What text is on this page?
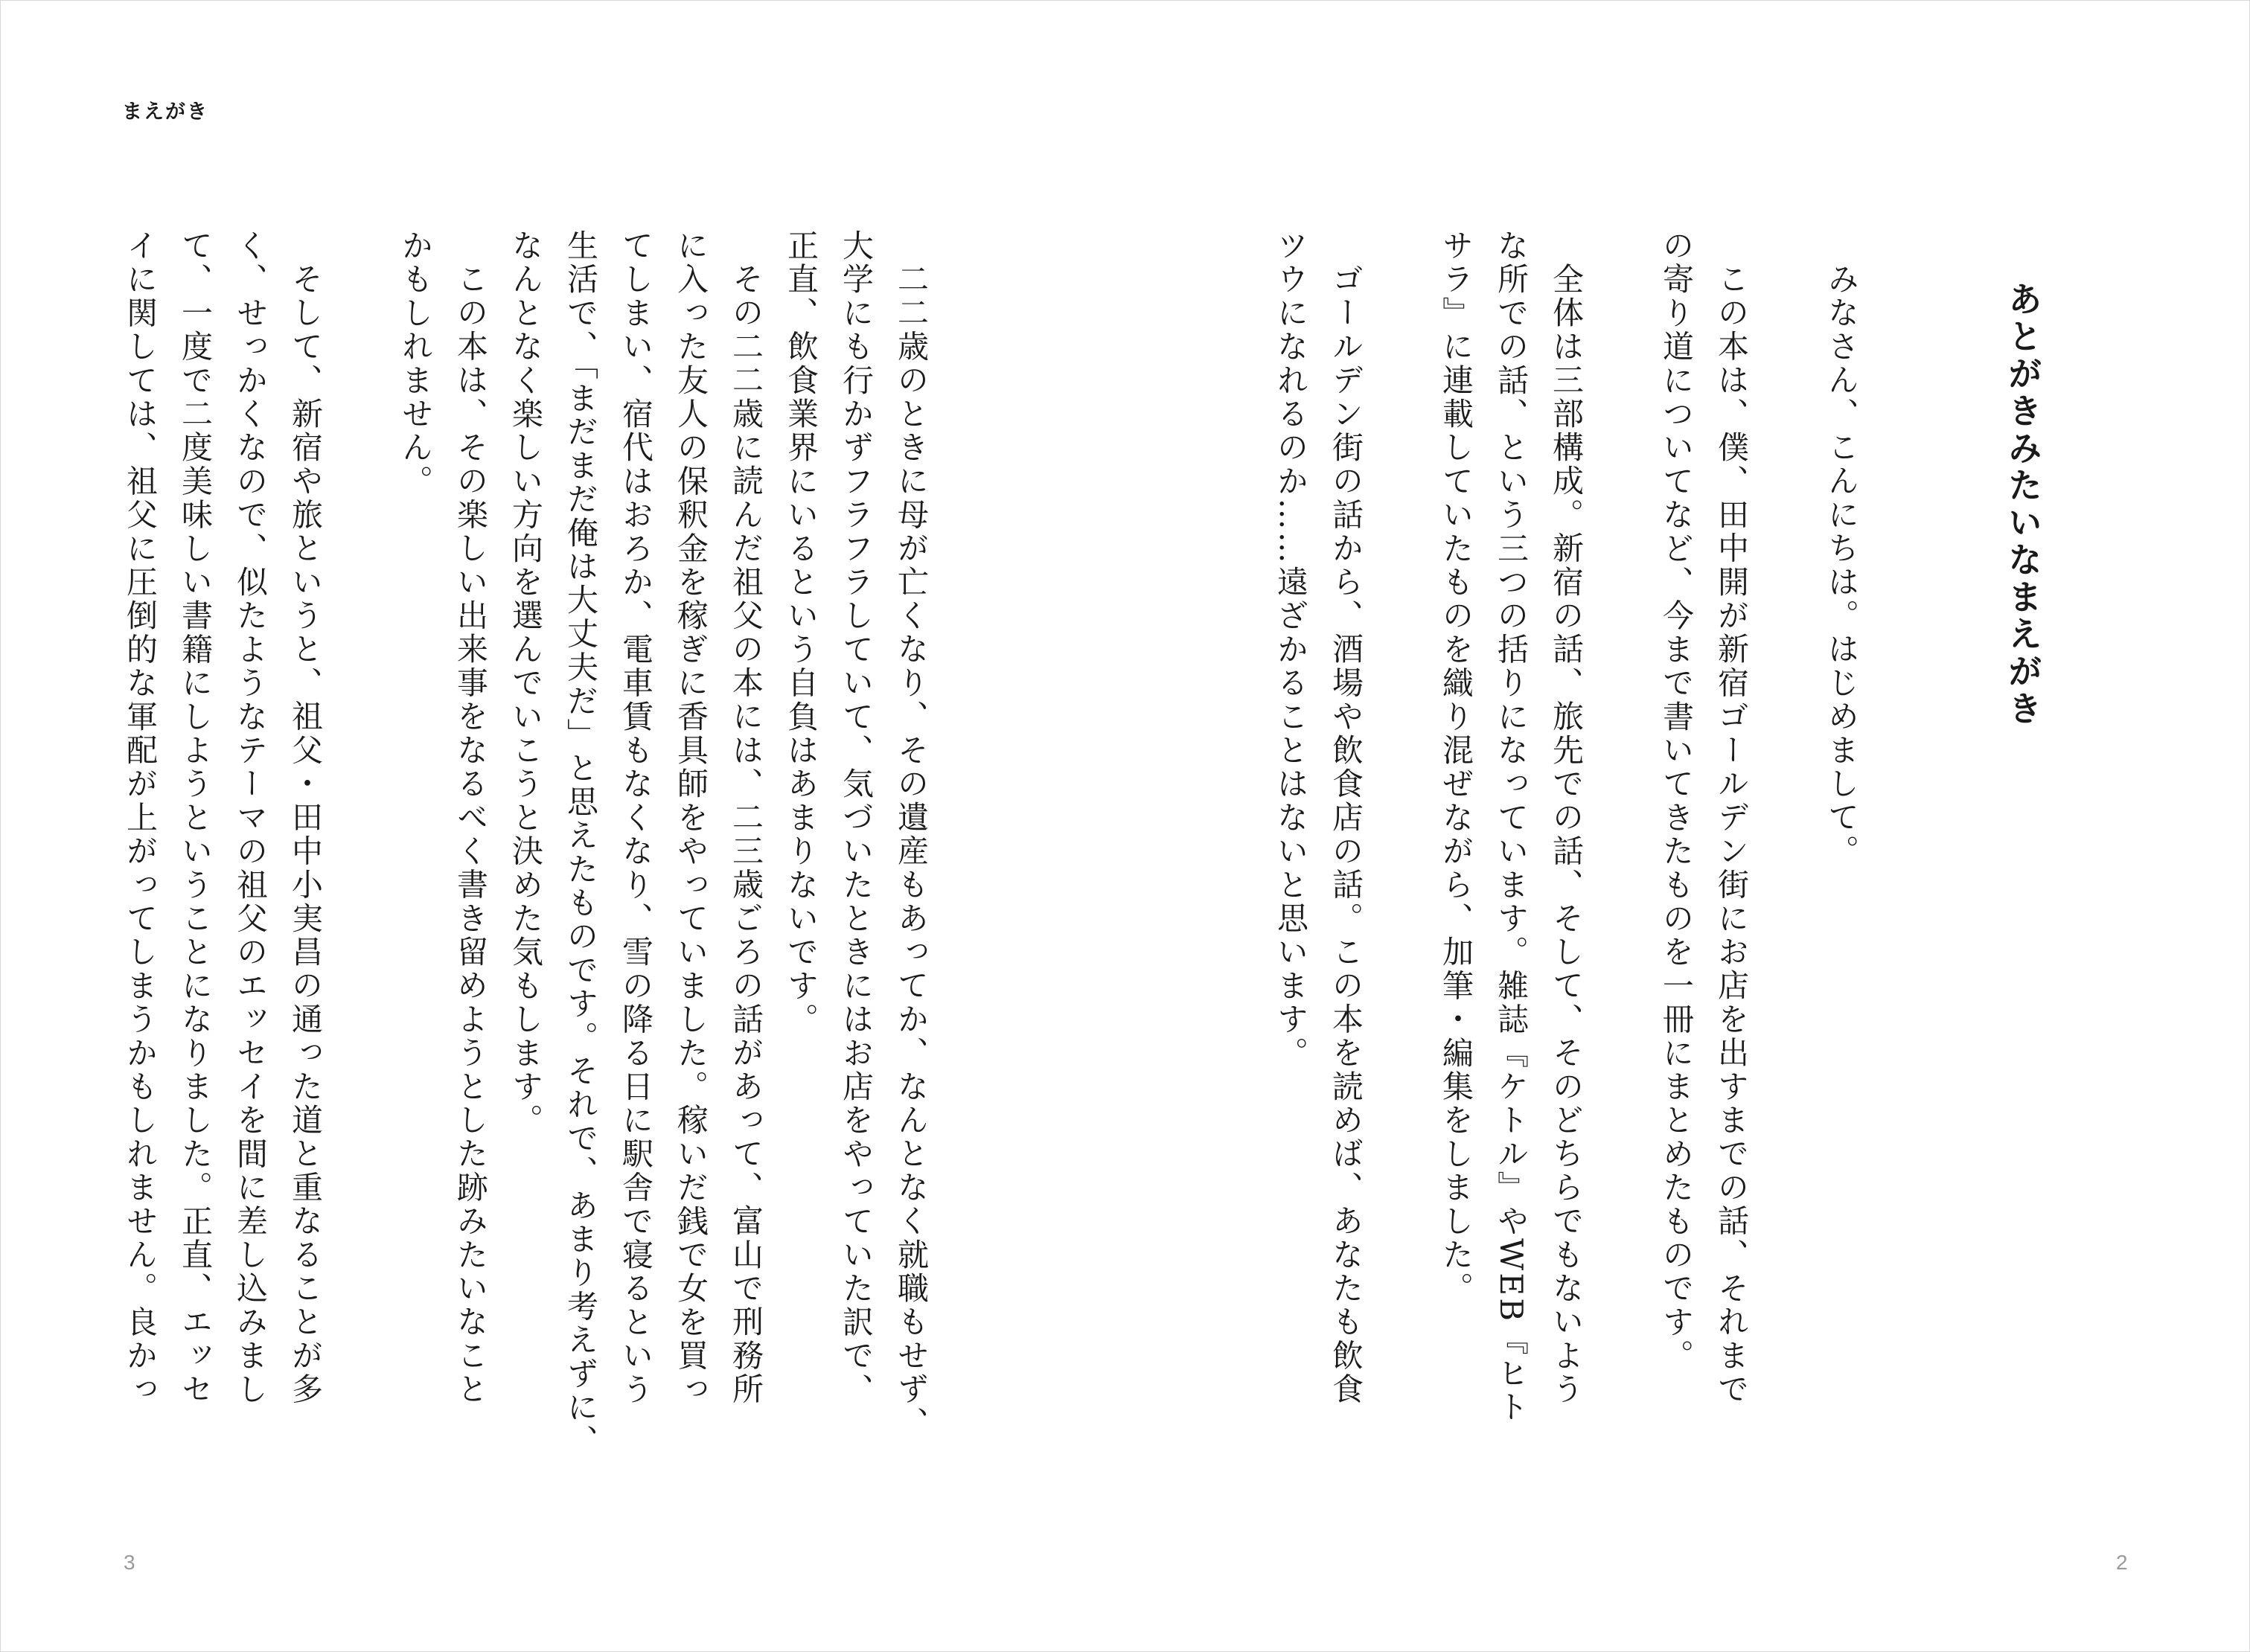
まえがき
3	2
あとがきみたいなまえがき
みなさん、こんにちは。はじめまして。
この本は、僕、田中開が新宿ゴールデン街にお店を出すまでの話、それまで
の寄り道についてなど、今まで書いてきたものを一冊にまとめたものです。
全体は三部構成。新宿の話、旅先での話、そして、そのどちらでもないよう
な所での話、という三つの括りになっています。雑誌『ケトル』やWEB『ヒト
サラ』に連載していたものを織り混ぜながら、加筆・編集をしました。
ゴールデン街の話から、酒場や飲食店の話。この本を読めば、あなたも飲食
ツウになれるのか……遠ざかることはないと思います。
二二歳のときに母が亡くなり、その遺産もあってか、なんとなく就職もせず、
大学にも行かずフラフラしていて、気づいたときにはお店をやっていた訳で、
正直、飲食業界にいるという自負はあまりないです。
その二二歳に読んだ祖父の本には、二三歳ごろの話があって、富山で刑務所
に入った友人の保釈金を稼ぎに香具師をやっていました。稼いだ銭で女を買っ
てしまい、宿代はおろか、電車賃もなくなり、雪の降る日に駅舎で寝るという
生活で、「まだまだ俺は大丈夫だ」と思えたものです。それで、あまり考えずに、
なんとなく楽しい方向を選んでいこうと決めた気もします。
この本は、その楽しい出来事をなるべく書き留めようとした跡みたいなこと
かもしれません。
そして、新宿や旅というと、祖父・田中小実昌の通った道と重なることが多
く、せっかくなので、似たようなテーマの祖父のエッセイを間に差し込みまし
て、一度で二度美味しい書籍にしようということになりました。正直、エッセ
イに関しては、祖父に圧倒的な軍配が上がってしまうかもしれません。良かっ
